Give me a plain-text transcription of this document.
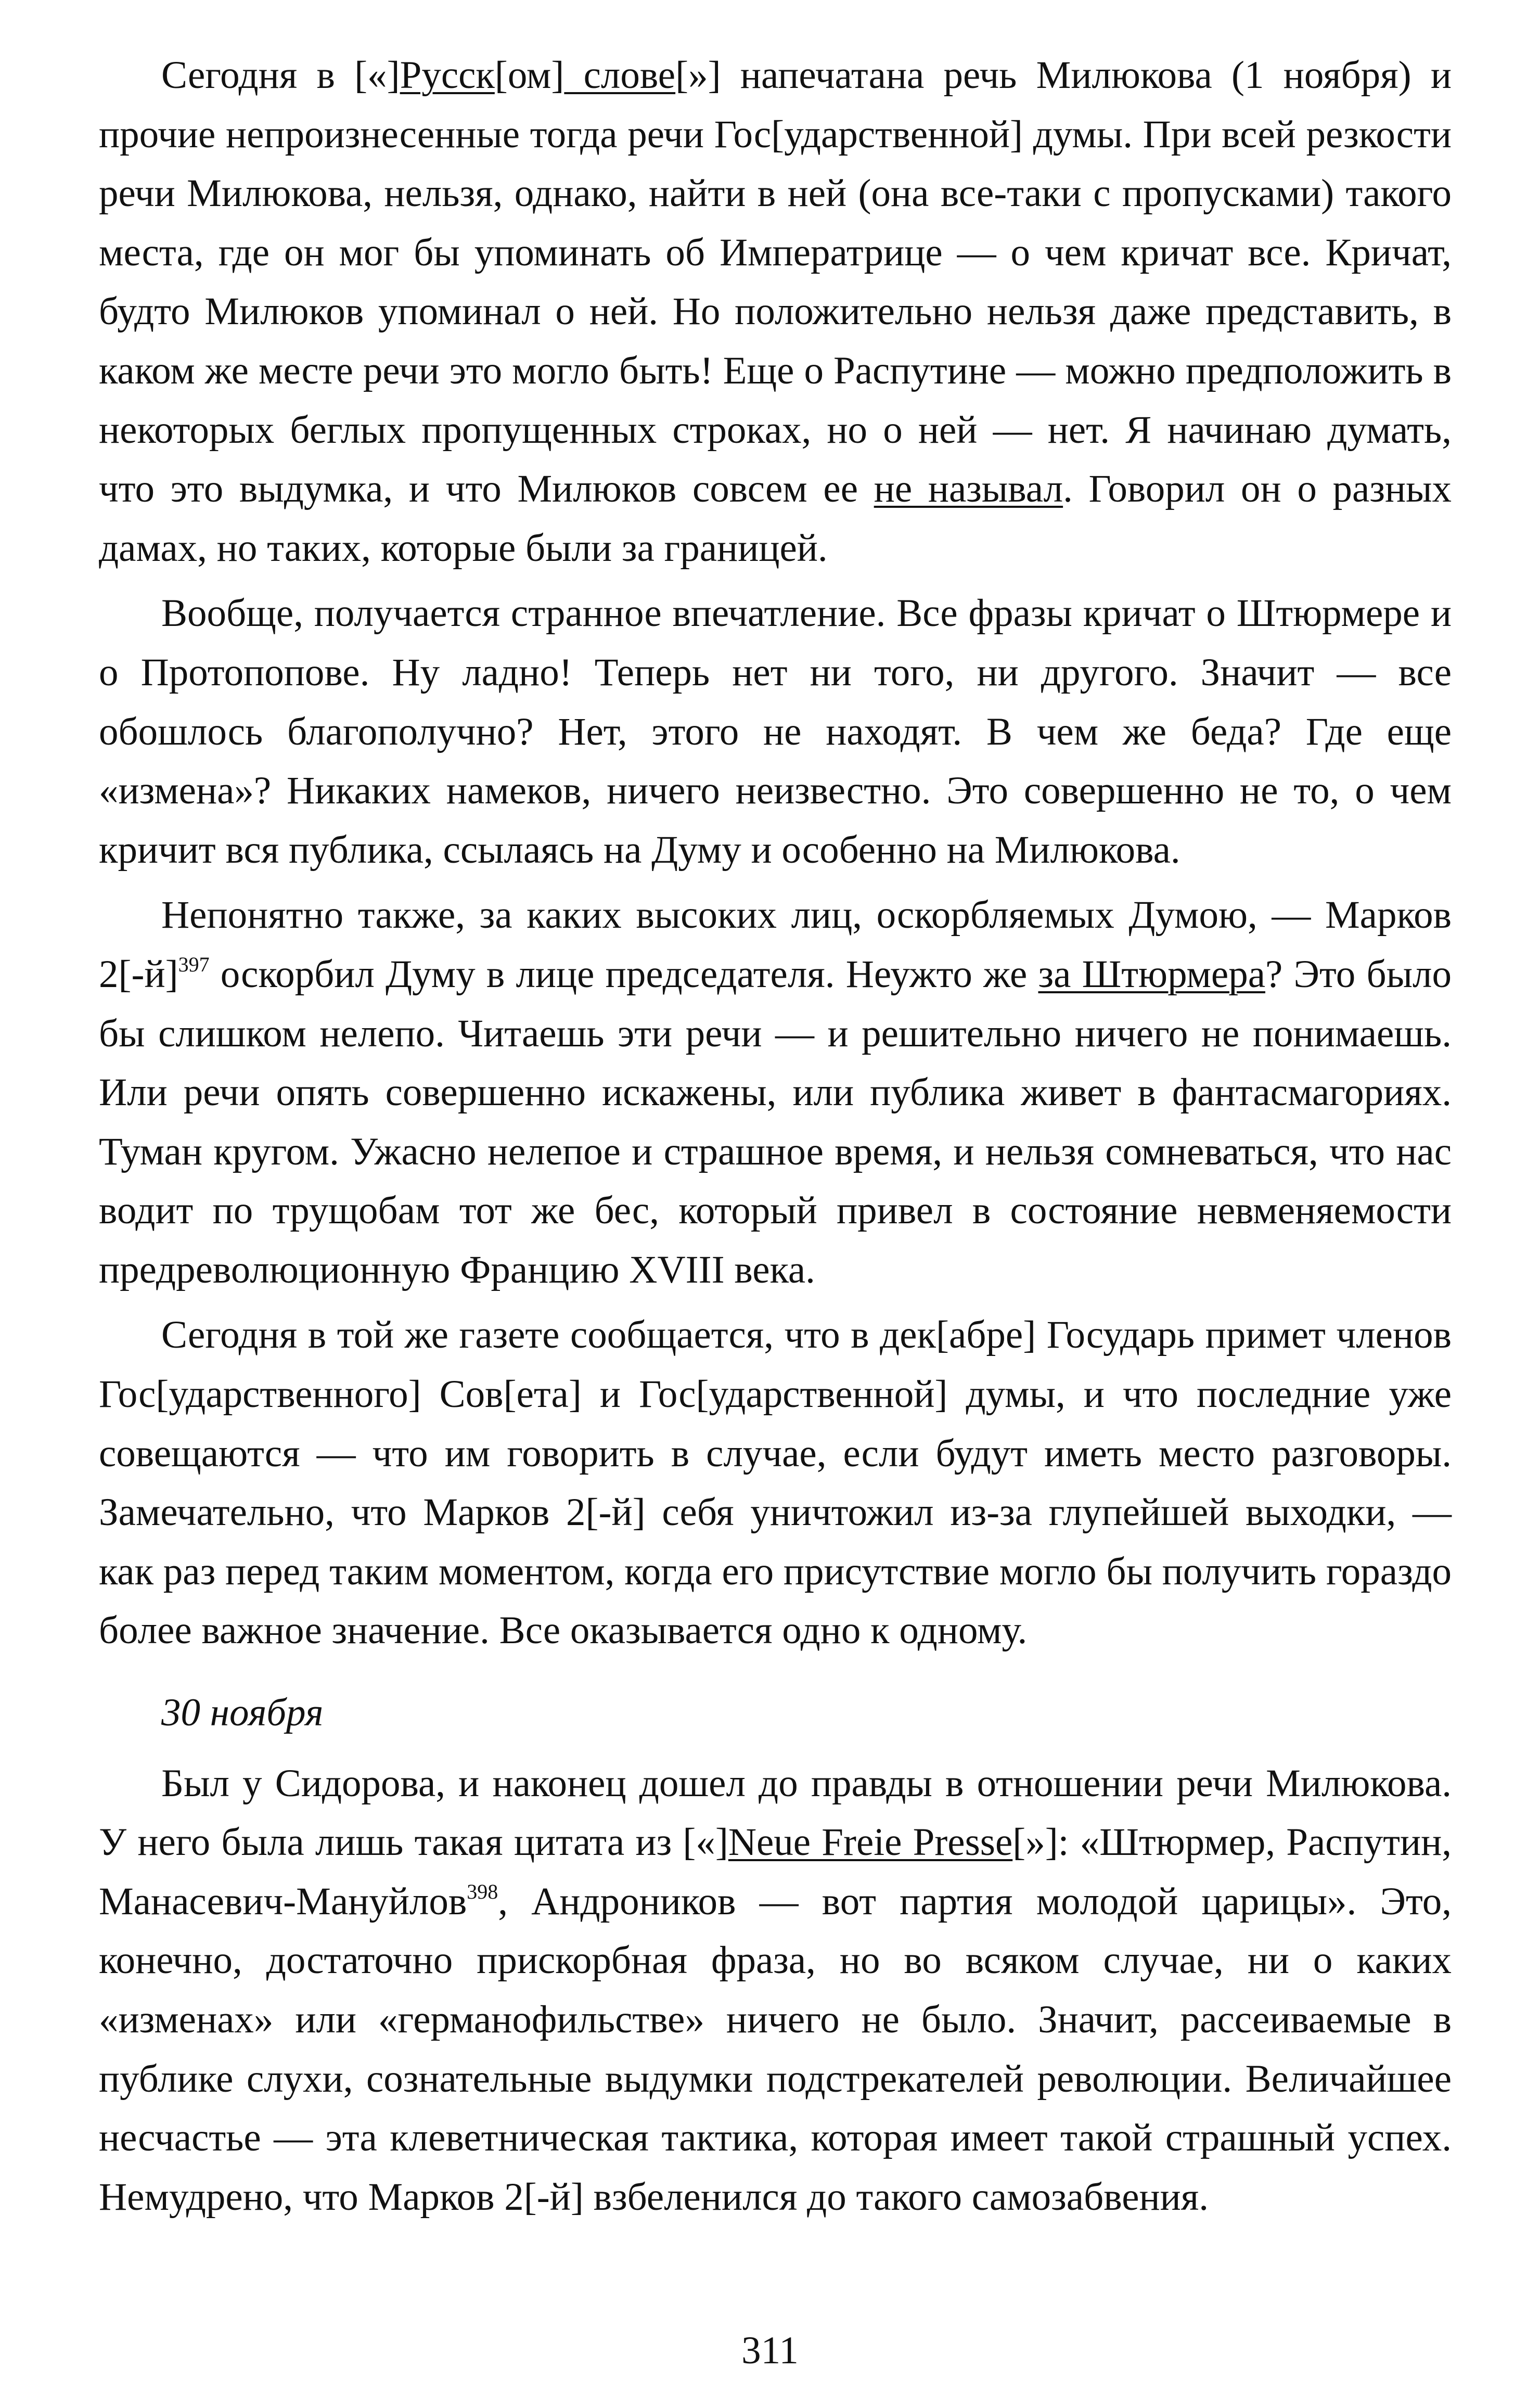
Сегодня в [«]Русск[ом] слове[»] напечатана речь Милюкова (1 ноября) и прочие непроизнесенные тогда речи Гос[ударственной] думы. При всей резкости речи Милюкова, нельзя, однако, найти в ней (она все-таки с пропусками) такого места, где он мог бы упоминать об Императрице — о чем кричат все. Кричат, будто Милюков упоминал о ней. Но положительно нельзя даже представить, в каком же месте речи это могло быть! Еще о Распутине — можно предположить в некоторых беглых пропущенных строках, но о ней — нет. Я начинаю думать, что это выдумка, и что Милюков совсем ее не называл. Говорил он о разных дамах, но таких, которые были за границей.

Вообще, получается странное впечатление. Все фразы кричат о Штюрмере и о Протопопове. Ну ладно! Теперь нет ни того, ни другого. Значит — все обошлось благополучно? Нет, этого не находят. В чем же беда? Где еще «измена»? Никаких намеков, ничего неизвестно. Это совершенно не то, о чем кричит вся публика, ссылаясь на Думу и особенно на Милюкова.

Непонятно также, за каких высоких лиц, оскорбляемых Думою, — Марков $2[-й]^{397}$ оскорбил Думу в лице председателя. Неужто же за Штюрмера? Это было бы слишком нелепо. Читаешь эти речи — и решительно ничего не понимаешь. Или речи опять совершенно искажены, или публика живет в фантасмагориях. Туман кругом. Ужасно нелепое и страшное время, и нельзя сомневаться, что нас водит по трущобам тот же бес, который привел в состояние невменяемости предреволюционную Францию XVIII века.

Сегодня в той же газете сообщается, что в дек[абре] Государь примет членов Гос[ударственного] Сов[ета] и Гос[ударственной] думы, и что последние уже совещаются — что им говорить в случае, если будут иметь место разговоры. Замечательно, что Марков 2[-й] себя уничтожил из-за глупейшей выходки, — как раз перед таким моментом, когда его присутствие могло бы получить гораздо более важное значение. Все оказывается одно к одному.

30 ноября

Был у Сидорова, и наконец дошел до правды в отношении речи Милюкова. У него была лишь такая цитата из [«]Neue Freie Presse[»]: «Штюрмер, Распутин, Манасевич-Мануйлов$^{398}$, Андроников — вот партия молодой царицы». Это, конечно, достаточно прискорбная фраза, но во всяком случае, ни о каких «изменах» или «германофильстве» ничего не было. Значит, рассеиваемые в публике слухи, сознательные выдумки подстрекателей революции. Величайшее несчастье — эта клеветническая тактика, которая имеет такой страшный успех. Немудрено, что Марков 2[-й] взбеленился до такого самозабвения.

311
